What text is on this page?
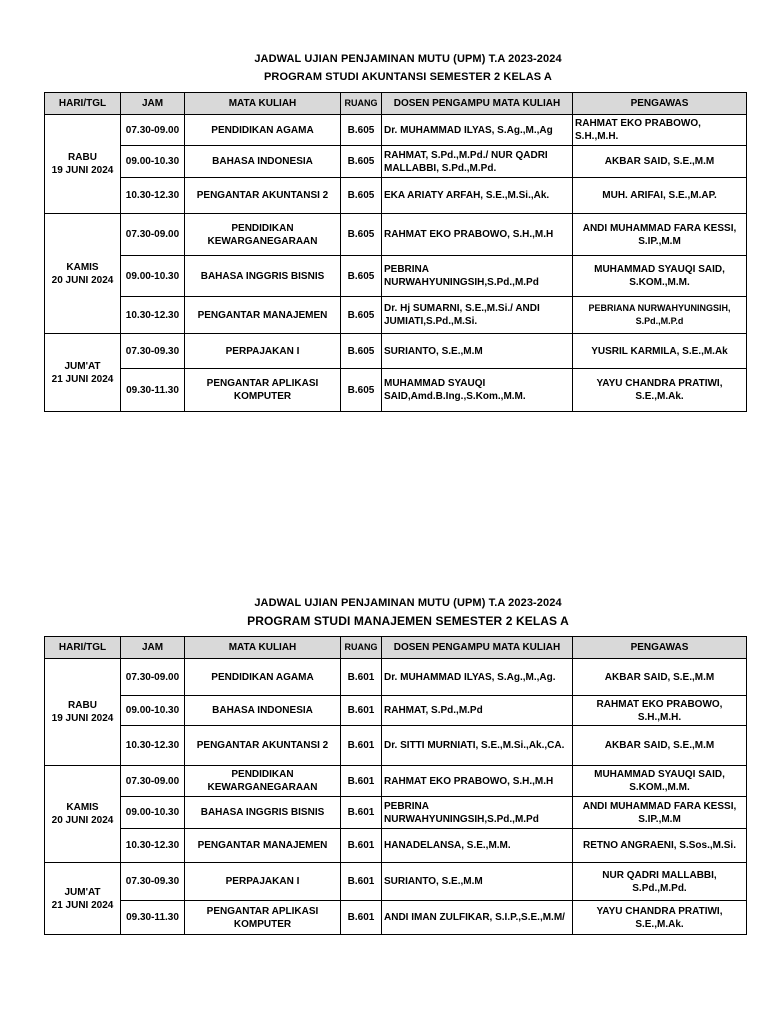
JADWAL UJIAN PENJAMINAN MUTU (UPM) T.A 2023-2024
PROGRAM STUDI AKUNTANSI SEMESTER 2 KELAS A
HARI/TGL	JAM	MATA KULIAH	RUANG	DOSEN PENGAMPU MATA KULIAH	PENGAWAS

RABU
19 JUNI 2024	07.30-09.00	PENDIDIKAN AGAMA	B.605	Dr. MUHAMMAD ILYAS, S.Ag.,M.,Ag	RAHMAT EKO PRABOWO, S.H.,M.H.
	09.00-10.30	BAHASA INDONESIA	B.605	RAHMAT, S.Pd.,M.Pd./ NUR QADRI MALLABBI, S.Pd.,M.Pd.	AKBAR SAID, S.E.,M.M
	10.30-12.30	PENGANTAR AKUNTANSI 2	B.605	EKA ARIATY ARFAH, S.E.,M.Si.,Ak.	MUH. ARIFAI, S.E.,M.AP.

KAMIS
20 JUNI 2024	07.30-09.00	PENDIDIKAN KEWARGANEGARAAN	B.605	RAHMAT EKO PRABOWO, S.H.,M.H	ANDI MUHAMMAD FARA KESSI, S.IP.,M.M
	09.00-10.30	BAHASA INGGRIS BISNIS	B.605	PEBRINA NURWAHYUNINGSIH,S.Pd.,M.Pd	MUHAMMAD SYAUQI SAID, S.KOM.,M.M.
	10.30-12.30	PENGANTAR MANAJEMEN	B.605	Dr. Hj SUMARNI, S.E.,M.Si./ ANDI JUMIATI,S.Pd.,M.Si.	PEBRIANA NURWAHYUNINGSIH, S.Pd.,M.P.d

JUM'AT
21 JUNI 2024	07.30-09.30	PERPAJAKAN I	B.605	SURIANTO, S.E.,M.M	YUSRIL KARMILA, S.E.,M.Ak
	09.30-11.30	PENGANTAR APLIKASI KOMPUTER	B.605	MUHAMMAD SYAUQI SAID,Amd.B.Ing.,S.Kom.,M.M.	YAYU CHANDRA PRATIWI, S.E.,M.Ak.
JADWAL UJIAN PENJAMINAN MUTU (UPM) T.A 2023-2024
PROGRAM STUDI MANAJEMEN SEMESTER 2 KELAS A
HARI/TGL	JAM	MATA KULIAH	RUANG	DOSEN PENGAMPU MATA KULIAH	PENGAWAS

RABU
19 JUNI 2024	07.30-09.00	PENDIDIKAN AGAMA	B.601	Dr. MUHAMMAD ILYAS, S.Ag.,M.,Ag.	AKBAR SAID, S.E.,M.M
	09.00-10.30	BAHASA INDONESIA	B.601	RAHMAT, S.Pd.,M.Pd	RAHMAT EKO PRABOWO, S.H.,M.H.
	10.30-12.30	PENGANTAR AKUNTANSI 2	B.601	Dr. SITTI MURNIATI, S.E.,M.Si.,Ak.,CA.	AKBAR SAID, S.E.,M.M

KAMIS
20 JUNI 2024	07.30-09.00	PENDIDIKAN KEWARGANEGARAAN	B.601	RAHMAT EKO PRABOWO, S.H.,M.H	MUHAMMAD SYAUQI SAID, S.KOM.,M.M.
	09.00-10.30	BAHASA INGGRIS BISNIS	B.601	PEBRINA NURWAHYUNINGSIH,S.Pd.,M.Pd	ANDI MUHAMMAD FARA KESSI, S.IP.,M.M
	10.30-12.30	PENGANTAR MANAJEMEN	B.601	HANADELANSA, S.E.,M.M.	RETNO ANGRAENI, S.Sos.,M.Si.

JUM'AT
21 JUNI 2024	07.30-09.30	PERPAJAKAN I	B.601	SURIANTO, S.E.,M.M	NUR QADRI MALLABBI, S.Pd.,M.Pd.
	09.30-11.30	PENGANTAR APLIKASI KOMPUTER	B.601	ANDI IMAN ZULFIKAR, S.I.P.,S.E.,M.M/	YAYU CHANDRA PRATIWI, S.E.,M.Ak.
